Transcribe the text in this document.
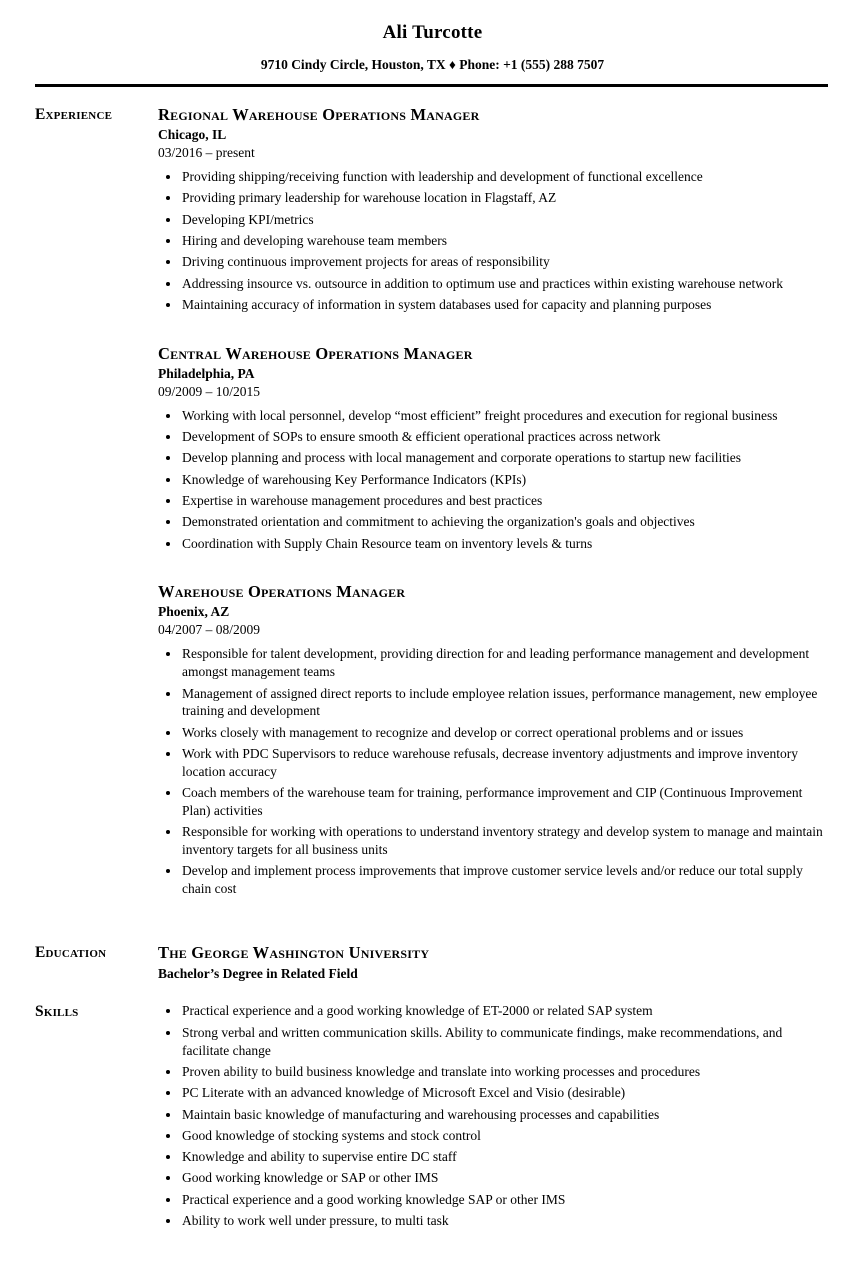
Ali Turcotte
9710 Cindy Circle, Houston, TX ♦ Phone: +1 (555) 288 7507
Experience	Regional Warehouse Operations Manager
Chicago, IL
03/2016 – present
• Providing shipping/receiving function with leadership and development of functional excellence
• Providing primary leadership for warehouse location in Flagstaff, AZ
• Developing KPI/metrics
• Hiring and developing warehouse team members
• Driving continuous improvement projects for areas of responsibility
• Addressing insource vs. outsource in addition to optimum use and practices within existing warehouse network
• Maintaining accuracy of information in system databases used for capacity and planning purposes
Central Warehouse Operations Manager
Philadelphia, PA
09/2009 – 10/2015
• Working with local personnel, develop “most efficient” freight procedures and execution for regional business
• Development of SOPs to ensure smooth & efficient operational practices across network
• Develop planning and process with local management and corporate operations to startup new facilities
• Knowledge of warehousing Key Performance Indicators (KPIs)
• Expertise in warehouse management procedures and best practices
• Demonstrated orientation and commitment to achieving the organization's goals and objectives
• Coordination with Supply Chain Resource team on inventory levels & turns
Warehouse Operations Manager
Phoenix, AZ
04/2007 – 08/2009
• Responsible for talent development, providing direction for and leading performance management and development amongst management teams
• Management of assigned direct reports to include employee relation issues, performance management, new employee training and development
• Works closely with management to recognize and develop or correct operational problems and or issues
• Work with PDC Supervisors to reduce warehouse refusals, decrease inventory adjustments and improve inventory location accuracy
• Coach members of the warehouse team for training, performance improvement and CIP (Continuous Improvement Plan) activities
• Responsible for working with operations to understand inventory strategy and develop system to manage and maintain inventory targets for all business units
• Develop and implement process improvements that improve customer service levels and/or reduce our total supply chain cost
Education	The George Washington University
Bachelor’s Degree in Related Field
Skills	• Practical experience and a good working knowledge of ET-2000 or related SAP system
• Strong verbal and written communication skills. Ability to communicate findings, make recommendations, and facilitate change
• Proven ability to build business knowledge and translate into working processes and procedures
• PC Literate with an advanced knowledge of Microsoft Excel and Visio (desirable)
• Maintain basic knowledge of manufacturing and warehousing processes and capabilities
• Good knowledge of stocking systems and stock control
• Knowledge and ability to supervise entire DC staff
• Good working knowledge or SAP or other IMS
• Practical experience and a good working knowledge SAP or other IMS
• Ability to work well under pressure, to multi task
